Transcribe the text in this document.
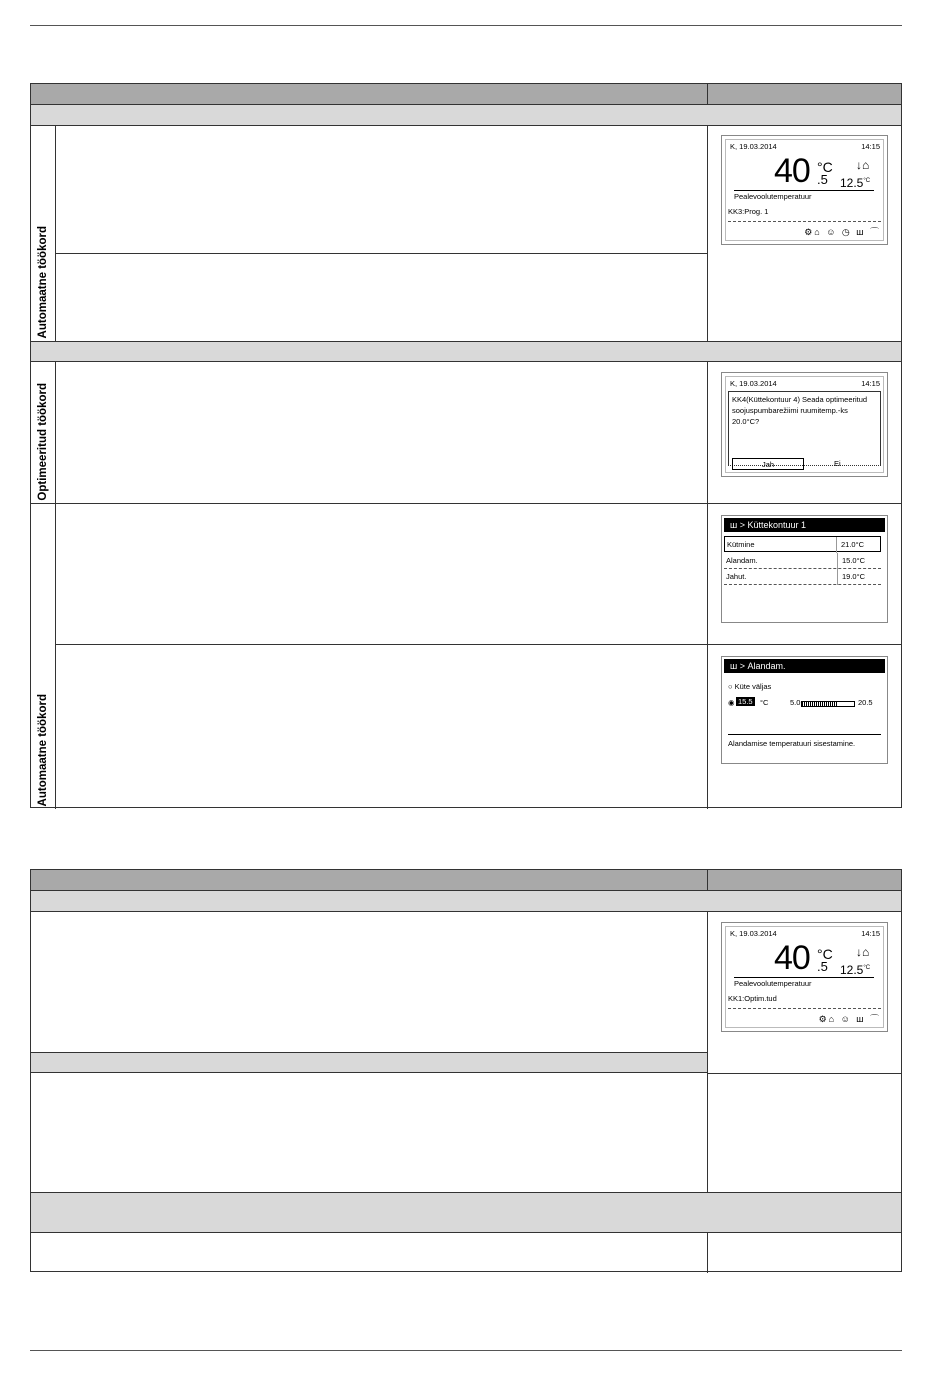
Automaatne töökord
Optimeeritud töökord
Automaatne töökord
K, 19.03.2014	14:15
40 °C
.5
↓⌂
$12.5^{^\circ C}$
Pealevoolutemperatuur
KK3:Prog. 1
⚙⌂ ☺ ◷ ш ⌒
K, 19.03.2014	14:15
KK4(Küttekontuur 4) Seada optimeeritud soojuspumbarežiimi ruumitemp.-ks 20.0°C?
Jah	Ei
ш > Küttekontuur 1
Kütmine	21.0°C
Alandam.	15.0°C
Jahut.	19.0°C
ш > Alandam.
○ Küte väljas
◉ 15.5 °C	5.0	20.5
Alandamise temperatuuri sisestamine.
K, 19.03.2014	14:15
40 °C
.5
↓⌂
$12.5^{^\circ C}$
Pealevoolutemperatuur
KK1:Optim.tud
⚙⌂ ☺ ш ⌒
